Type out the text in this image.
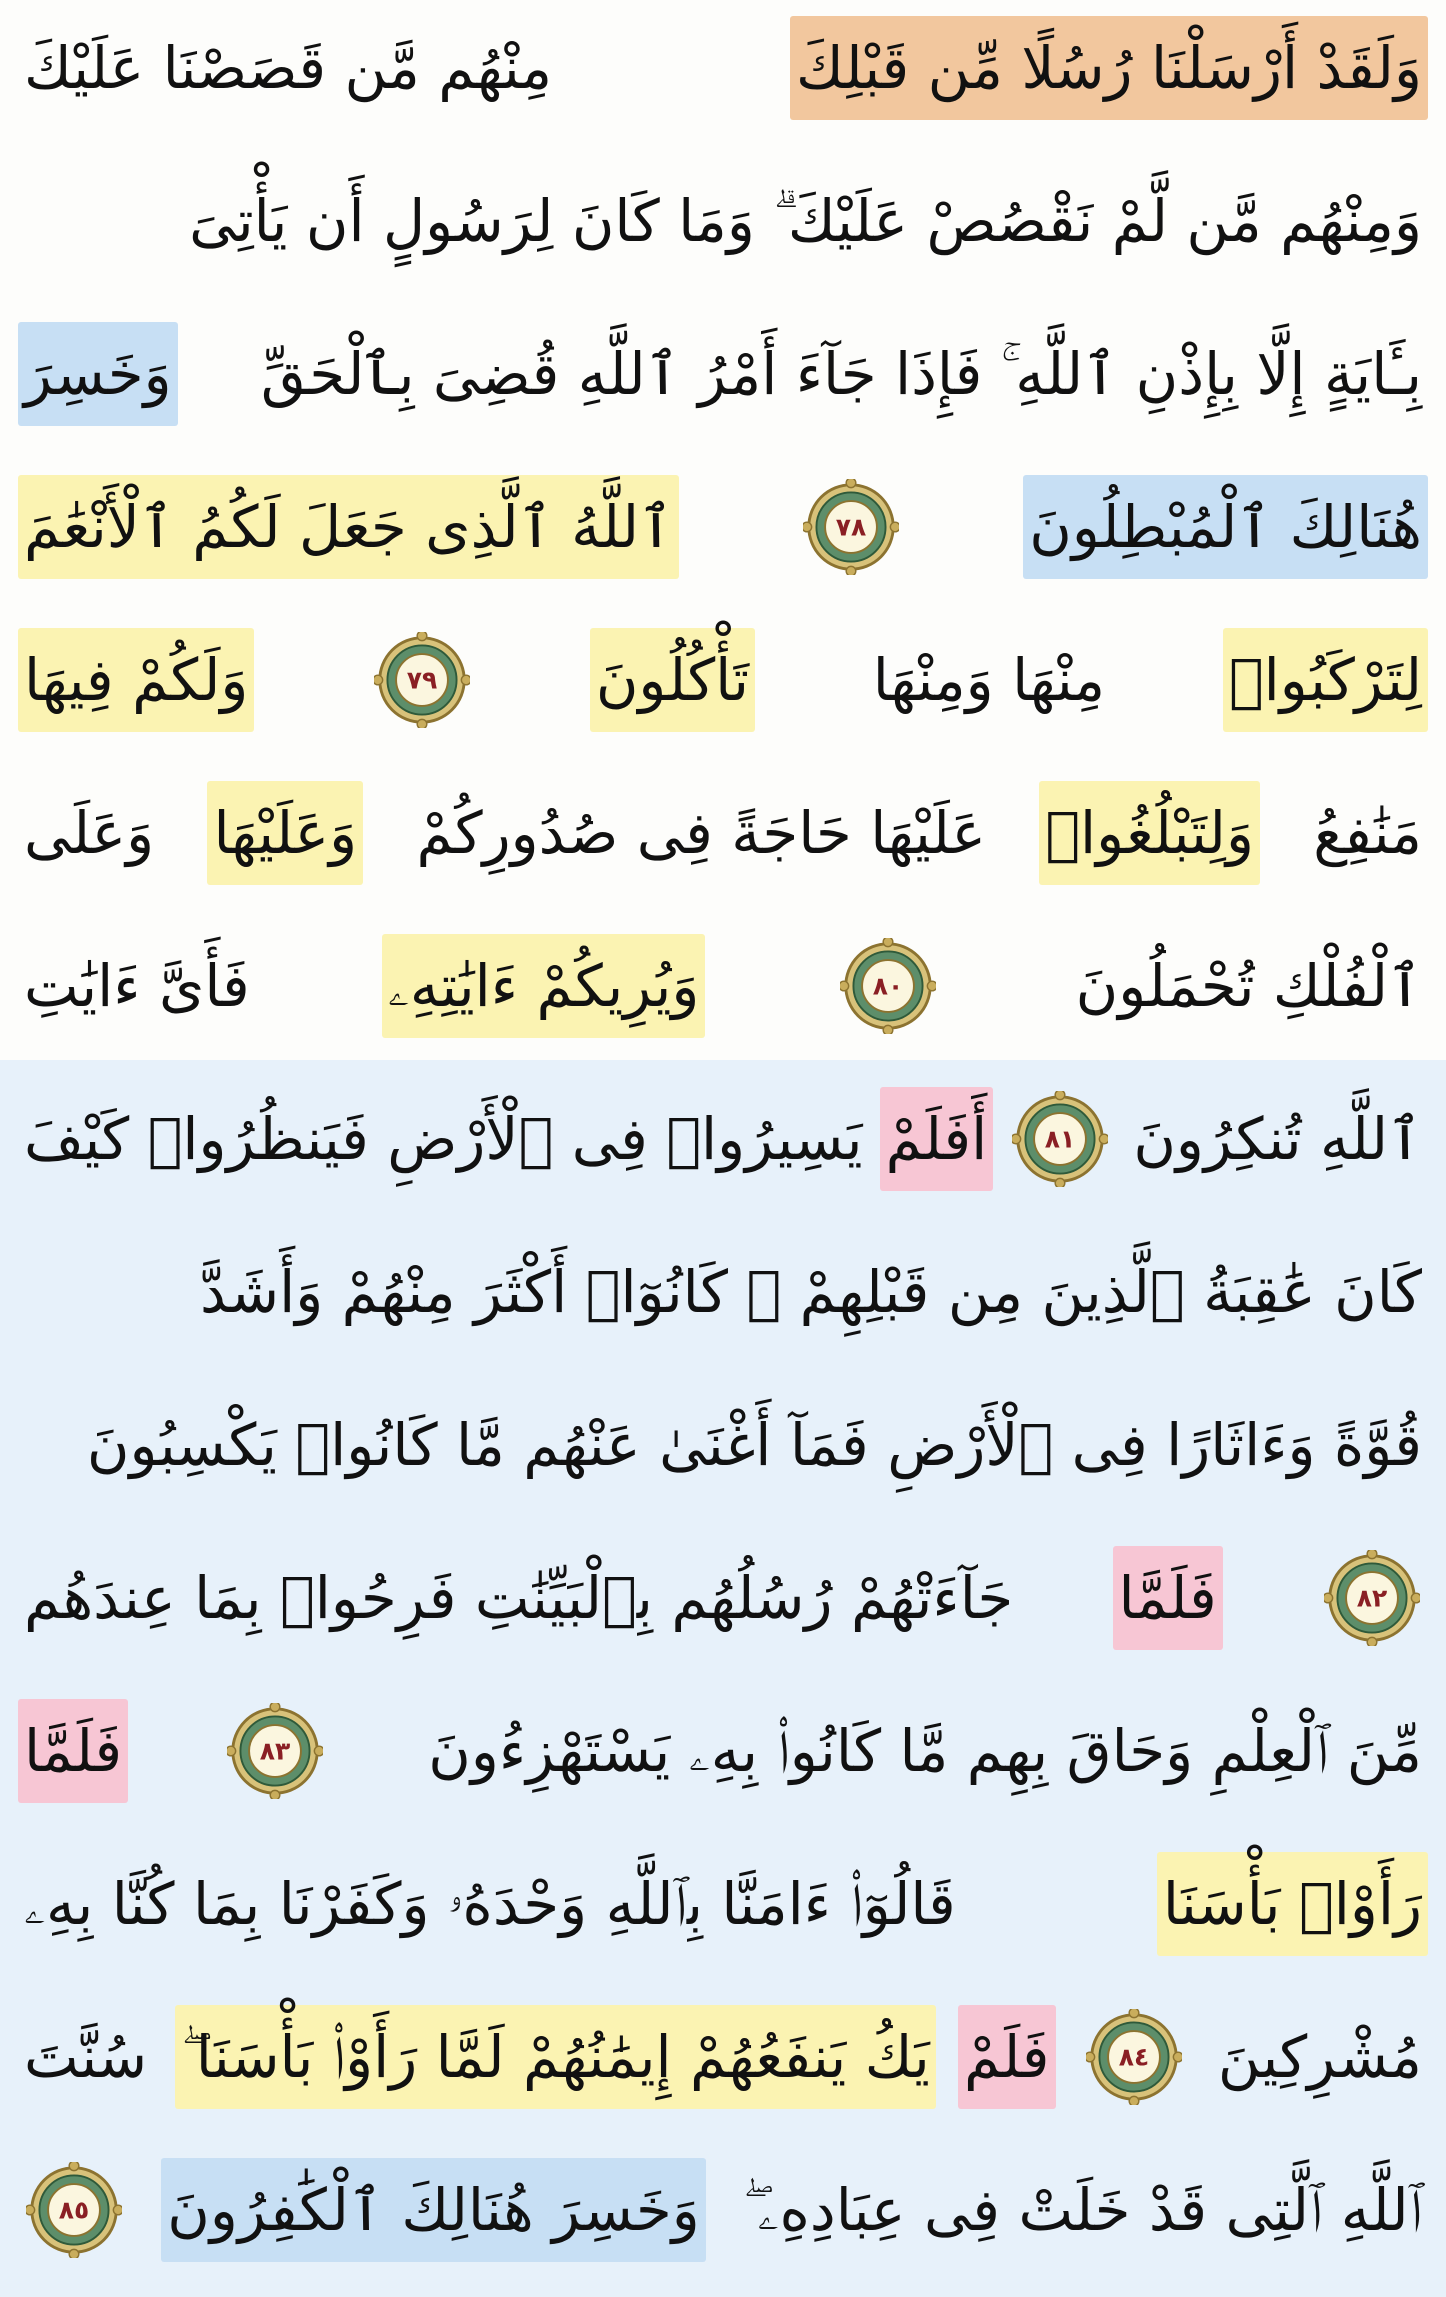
وَلَقَدْ أَرْسَلْنَا رُسُلًا مِّن قَبْلِكَ
مِنْهُم مَّن قَصَصْنَا عَلَيْكَ
وَمِنْهُم مَّن لَّمْ نَقْصُصْ عَلَيْكَ ۗ وَمَا كَانَ لِرَسُولٍ أَن يَأْتِىَ
بِـَٔايَةٍ إِلَّا بِإِذْنِ ٱللَّهِ ۚ فَإِذَا جَآءَ أَمْرُ ٱللَّهِ قُضِىَ بِٱلْحَقِّ
وَخَسِرَ
هُنَالِكَ ٱلْمُبْطِلُونَ
٧٨
ٱللَّهُ ٱلَّذِى جَعَلَ لَكُمُ ٱلْأَنْعَٰمَ
لِتَرْكَبُوا۟
مِنْهَا وَمِنْهَا
تَأْكُلُونَ
٧٩
وَلَكُمْ فِيهَا
مَنَٰفِعُ
وَلِتَبْلُغُوا۟
عَلَيْهَا حَاجَةً فِى صُدُورِكُمْ
وَعَلَيْهَا
وَعَلَى
ٱلْفُلْكِ تُحْمَلُونَ
٨٠
وَيُرِيكُمْ ءَايَٰتِهِۦ
فَأَىَّ ءَايَٰتِ
ٱللَّهِ تُنكِرُونَ
٨١
أَفَلَمْ
يَسِيرُوا۟ فِى ٱلْأَرْضِ فَيَنظُرُوا۟ كَيْفَ
كَانَ عَٰقِبَةُ ٱلَّذِينَ مِن قَبْلِهِمْ ۚ كَانُوٓا۟ أَكْثَرَ مِنْهُمْ وَأَشَدَّ
قُوَّةً وَءَاثَارًا فِى ٱلْأَرْضِ فَمَآ أَغْنَىٰ عَنْهُم مَّا كَانُوا۟ يَكْسِبُونَ
٨٢
فَلَمَّا
جَآءَتْهُمْ رُسُلُهُم بِٱلْبَيِّنَٰتِ فَرِحُوا۟ بِمَا عِندَهُم
مِّنَ ٱلْعِلْمِ وَحَاقَ بِهِم مَّا كَانُوا۟ بِهِۦ يَسْتَهْزِءُونَ
٨٣
فَلَمَّا
رَأَوْا۟ بَأْسَنَا
قَالُوٓا۟ ءَامَنَّا بِٱللَّهِ وَحْدَهُۥ وَكَفَرْنَا بِمَا كُنَّا بِهِۦ
مُشْرِكِينَ
٨٤
فَلَمْ
يَكُ يَنفَعُهُمْ إِيمَٰنُهُمْ لَمَّا رَأَوْا۟ بَأْسَنَا ۖ
سُنَّتَ
ٱللَّهِ ٱلَّتِى قَدْ خَلَتْ فِى عِبَادِهِۦ ۖ
وَخَسِرَ هُنَالِكَ ٱلْكَٰفِرُونَ
٨٥
